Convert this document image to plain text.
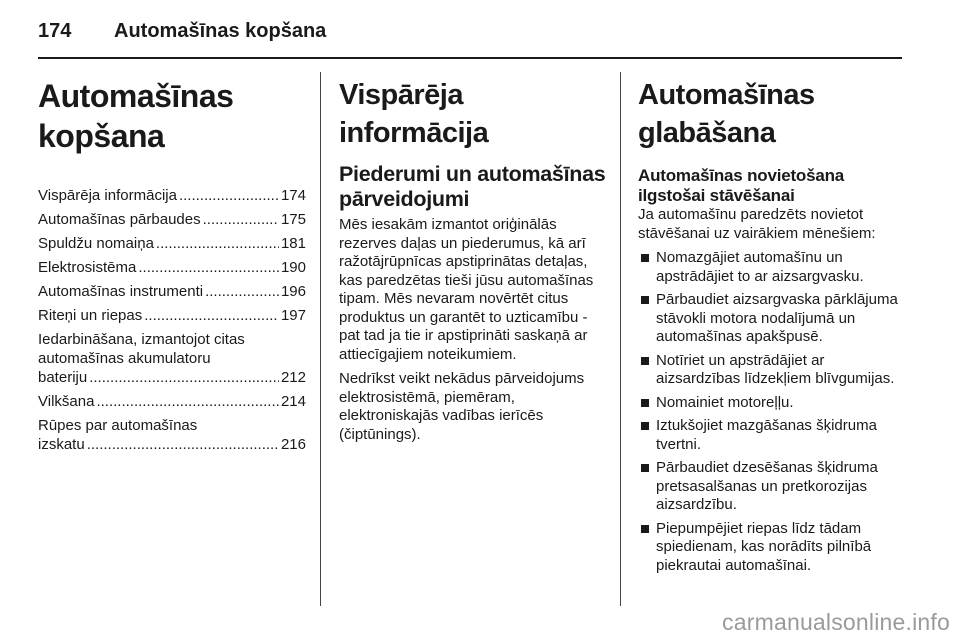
174	Automašīnas kopšana
Automašīnas kopšana
Vispārēja informācija .....	174
Automašīnas pārbaudes .....	175
Spuldžu nomaiņa .....	181
Elektrosistēma .....	190
Automašīnas instrumenti .....	196
Riteņi un riepas .....	197
Iedarbināšana, izmantojot citas
automašīnas akumulatoru
bateriju .....	212
Vilkšana .....	214
Rūpes par automašīnas
izskatu .....	216
Vispārēja informācija
Piederumi un automašīnas pārveidojumi

Mēs iesakām izmantot oriģinālās rezerves daļas un piederumus, kā arī ražotājrūpnīcas apstiprinātas detaļas, kas paredzētas tieši jūsu automašīnas tipam. Mēs nevaram novērtēt citus produktus un garantēt to uzticamību - pat tad ja tie ir apstiprināti saskaņā ar attiecīgajiem noteikumiem.

Nedrīkst veikt nekādus pārveidojums elektrosistēmā, piemēram, elektroniskajās vadības ierīcēs (čiptūnings).

Automašīnas glabāšana
Automašīnas novietošana ilgstošai stāvēšanai

Ja automašīnu paredzēts novietot stāvēšanai uz vairākiem mēnešiem:

Nomazgājiet automašīnu un apstrādājiet to ar aizsargvasku.
Pārbaudiet aizsargvaska pārklājuma stāvokli motora nodalījumā un automašīnas apakšpusē.
Notīriet un apstrādājiet ar aizsardzības līdzekļiem blīvgumijas.
Nomainiet motoreļļu.
Iztukšojiet mazgāšanas šķidruma tvertni.
Pārbaudiet dzesēšanas šķidruma pretsasalšanas un pretkorozijas aizsardzību.
Piepumpējiet riepas līdz tādam spiedienam, kas norādīts pilnībā piekrautai automašīnai.
carmanualsonline.info
